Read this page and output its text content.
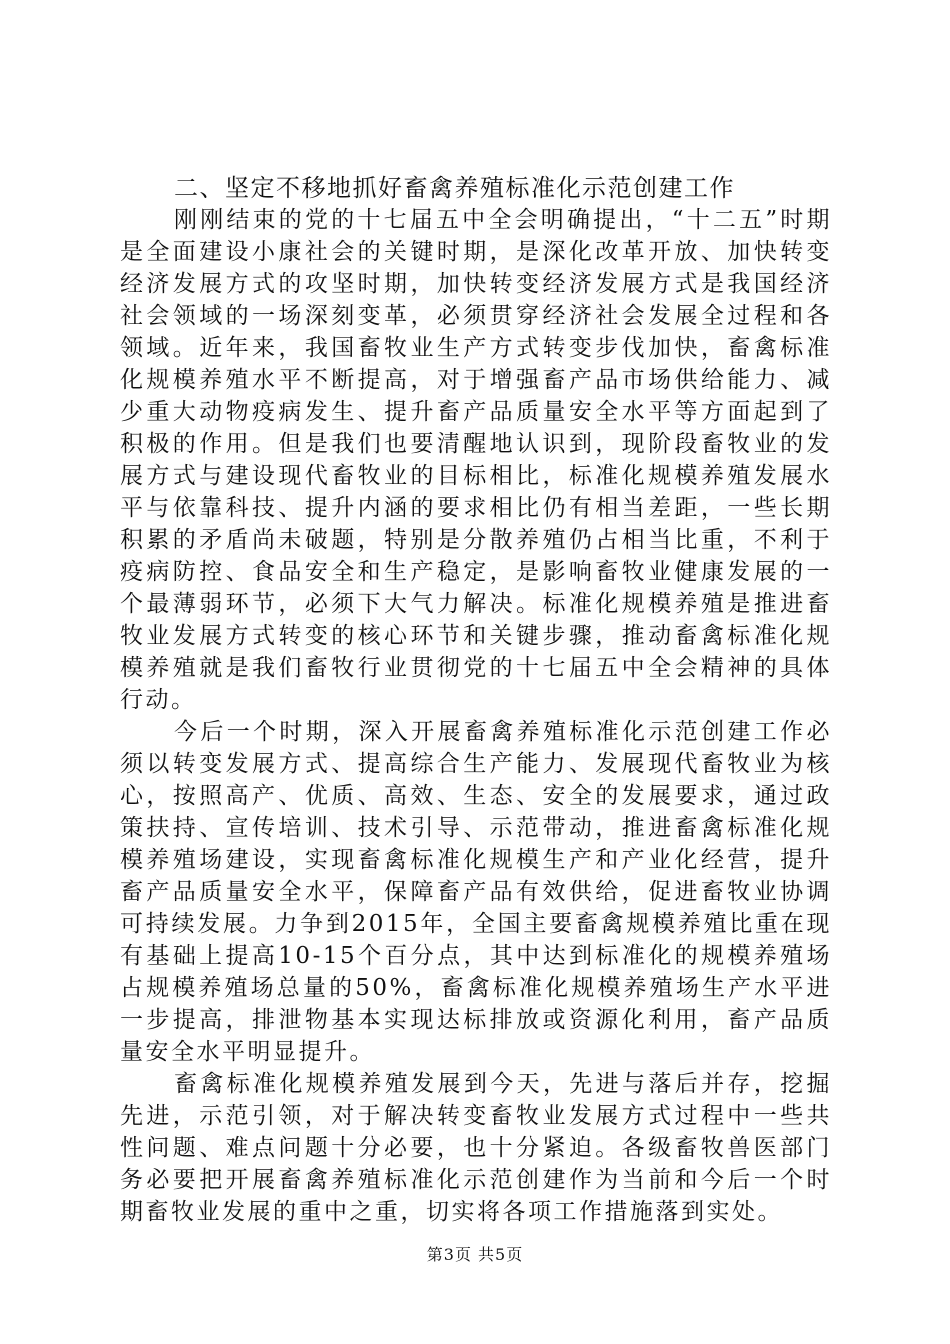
二、坚定不移地抓好畜禽养殖标准化示范创建工作

刚刚结束的党的十七届五中全会明确提出，“十二五”时期是全面建设小康社会的关键时期，是深化改革开放、加快转变经济发展方式的攻坚时期，加快转变经济发展方式是我国经济社会领域的一场深刻变革，必须贯穿经济社会发展全过程和各领域。近年来，我国畜牧业生产方式转变步伐加快，畜禽标准化规模养殖水平不断提高，对于增强畜产品市场供给能力、减少重大动物疫病发生、提升畜产品质量安全水平等方面起到了积极的作用。但是我们也要清醒地认识到，现阶段畜牧业的发展方式与建设现代畜牧业的目标相比，标准化规模养殖发展水平与依靠科技、提升内涵的要求相比仍有相当差距，一些长期积累的矛盾尚未破题，特别是分散养殖仍占相当比重，不利于疫病防控、食品安全和生产稳定，是影响畜牧业健康发展的一个最薄弱环节，必须下大气力解决。标准化规模养殖是推进畜牧业发展方式转变的核心环节和关键步骤，推动畜禽标准化规模养殖就是我们畜牧行业贯彻党的十七届五中全会精神的具体行动。

今后一个时期，深入开展畜禽养殖标准化示范创建工作必须以转变发展方式、提高综合生产能力、发展现代畜牧业为核心，按照高产、优质、高效、生态、安全的发展要求，通过政策扶持、宣传培训、技术引导、示范带动，推进畜禽标准化规模养殖场建设，实现畜禽标准化规模生产和产业化经营，提升畜产品质量安全水平，保障畜产品有效供给，促进畜牧业协调可持续发展。力争到2015年，全国主要畜禽规模养殖比重在现有基础上提高10-15个百分点，其中达到标准化的规模养殖场占规模养殖场总量的50%，畜禽标准化规模养殖场生产水平进一步提高，排泄物基本实现达标排放或资源化利用，畜产品质量安全水平明显提升。

畜禽标准化规模养殖发展到今天，先进与落后并存，挖掘先进，示范引领，对于解决转变畜牧业发展方式过程中一些共性问题、难点问题十分必要，也十分紧迫。各级畜牧兽医部门务必要把开展畜禽养殖标准化示范创建作为当前和今后一个时期畜牧业发展的重中之重，切实将各项工作措施落到实处。

第3页 共5页
